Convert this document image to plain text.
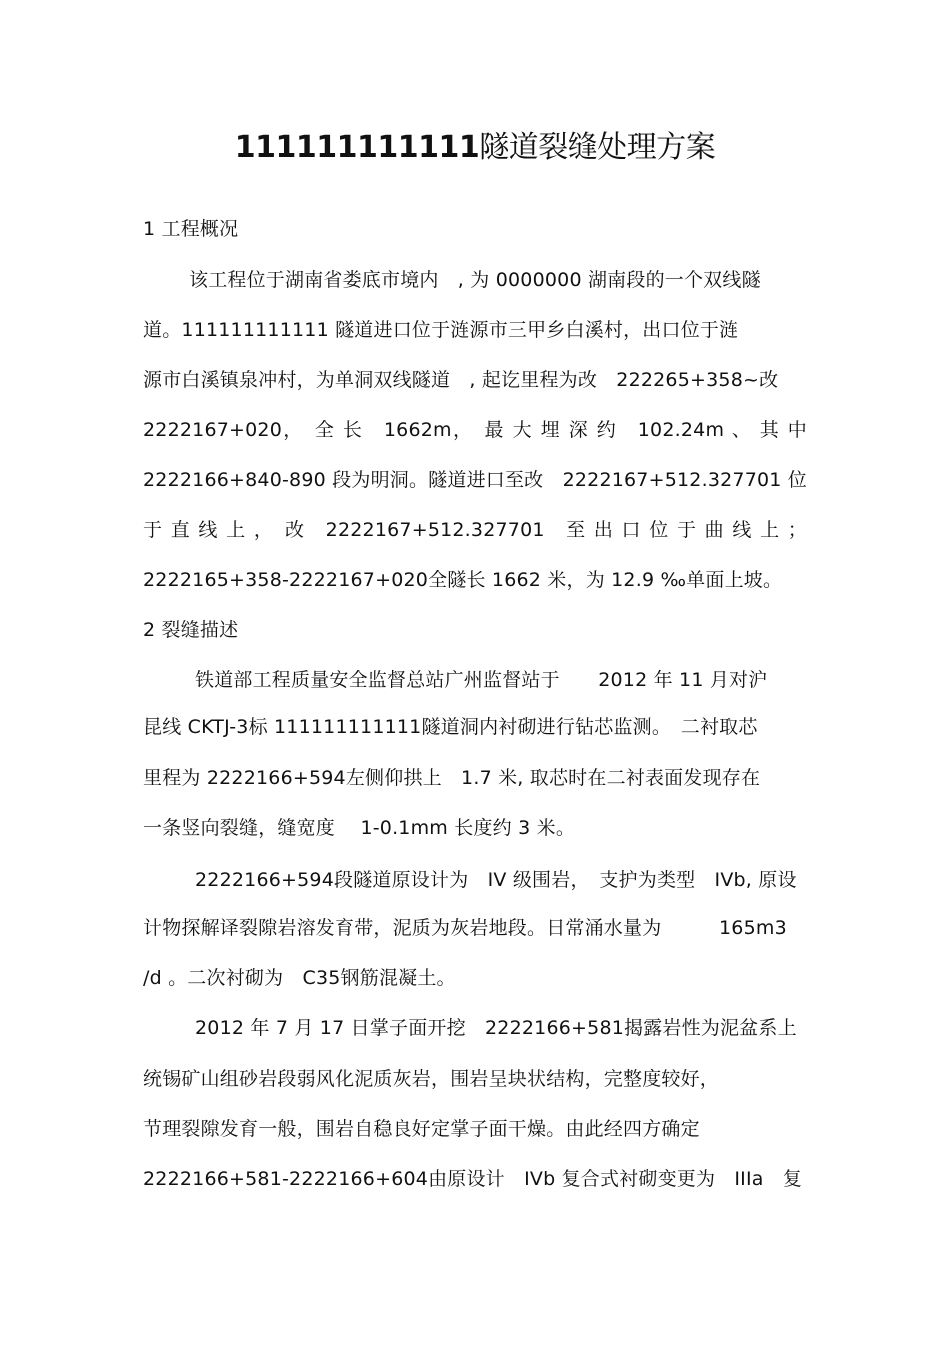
111111111111隧道裂缝处理方案
1 工程概况
该工程位于湖南省娄底市境内　, 为 0000000 湖南段的一个双线隧
道。111111111111 隧道进口位于涟源市三甲乡白溪村，出口位于涟
源市白溪镇泉冲村，为单洞双线隧道　, 起讫里程为改　222265+358~改
2222167+020，　全 长　1662m，　最 大 埋 深 约　102.24m 、 其 中
2222166+840-890 段为明洞。隧道进口至改　2222167+512.327701 位
于 直 线 上 ，　改　2222167+512.327701　至 出 口 位 于 曲 线 上 ；
2222165+358-2222167+020全隧长 1662 米，为 12.9 ‰单面上坡。
2 裂缝描述
铁道部工程质量安全监督总站广州监督站于　　2012 年 11 月对沪
昆线 CKTJ-3标 111111111111隧道洞内衬砌进行钻芯监测。　二衬取芯
里程为 2222166+594左侧仰拱上　1.7 米, 取芯时在二衬表面发现存在
一条竖向裂缝，缝宽度　 1-0.1mm 长度约 3 米。
2222166+594段隧道原设计为　IV 级围岩，　支护为类型　IVb, 原设
计物探解译裂隙岩溶发育带，泥质为灰岩地段。日常涌水量为　　　165m3
/d 。二次衬砌为　C35钢筋混凝土。
2012 年 7 月 17 日掌子面开挖　2222166+581揭露岩性为泥盆系上
统锡矿山组砂岩段弱风化泥质灰岩，围岩呈块状结构，完整度较好，
节理裂隙发育一般，围岩自稳良好定掌子面干燥。由此经四方确定
2222166+581-2222166+604由原设计　IVb 复合式衬砌变更为　IIIa　复
